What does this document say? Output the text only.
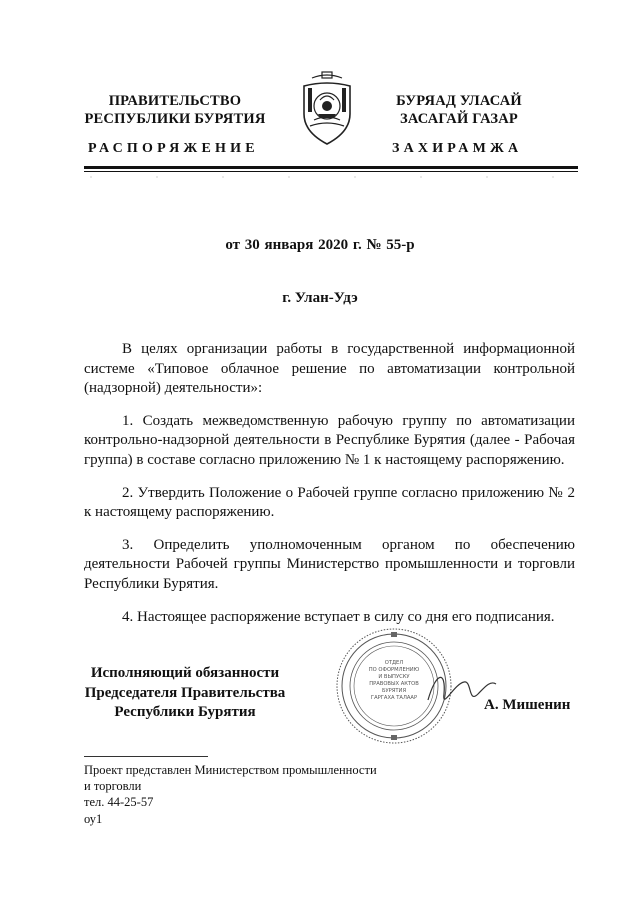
ПРАВИТЕЛЬСТВО
РЕСПУБЛИКИ БУРЯТИЯ
РАСПОРЯЖЕНИЕ
БУРЯАД УЛАСАЙ
ЗАСАГАЙ ГАЗАР
ЗАХИРАМЖА
от 30 января 2020 г. № 55-р
г. Улан-Удэ

В целях организации работы в государственной информационной системе «Типовое облачное решение по автоматизации контрольной (надзорной) деятельности»:

1. Создать межведомственную рабочую группу по автоматизации контрольно-надзорной деятельности в Республике Бурятия (далее - Рабочая группа) в составе согласно приложению № 1 к настоящему распоряжению.

2. Утвердить Положение о Рабочей группе согласно приложению № 2 к настоящему распоряжению.

3. Определить уполномоченным органом по обеспечению деятельности Рабочей группы Министерство промышленности и торговли Республики Бурятия.

4. Настоящее распоряжение вступает в силу со дня его подписания.

Исполняющий обязанности
Председателя Правительства
Республики Бурятия
ОТДЕЛ
ПО ОФОРМЛЕНИЮ
И ВЫПУСКУ
ПРАВОВЫХ АКТОВ
БУРЯТИЯ
ГАРГАХА ТАЛААР	А. Мишенин
Проект представлен Министерством промышленности
и торговли
тел. 44-25-57
оу1
